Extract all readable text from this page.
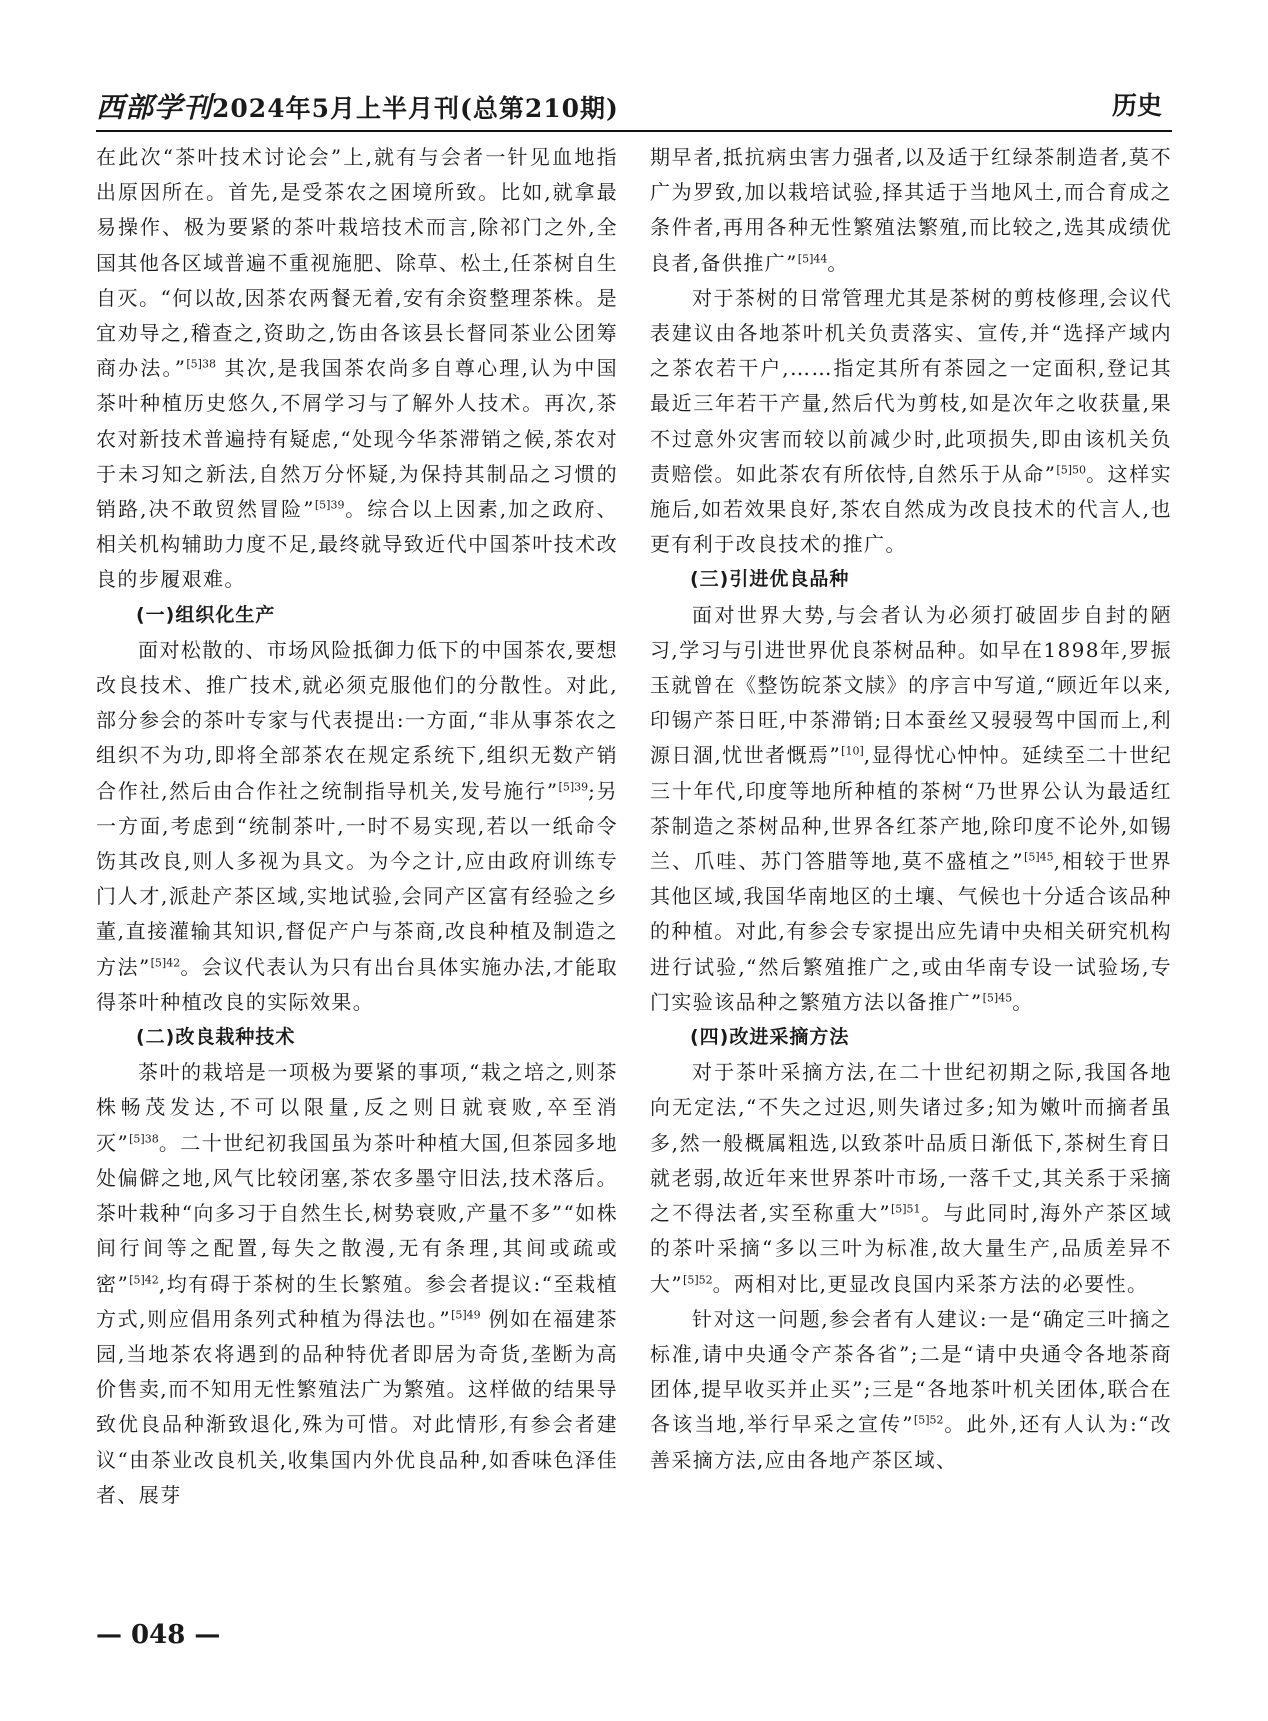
西部学刊2024年5月上半月刊(总第210期)	历史

在此次“茶叶技术讨论会”上,就有与会者一针见血地指出原因所在。首先,是受茶农之困境所致。比如,就拿最易操作、极为要紧的茶叶栽培技术而言,除祁门之外,全国其他各区域普遍不重视施肥、除草、松土,任茶树自生自灭。“何以故,因茶农两餐无着,安有余资整理茶株。是宜劝导之,稽查之,资助之,饬由各该县长督同茶业公团筹商办法。”$^{[5]38}$ 其次,是我国茶农尚多自尊心理,认为中国茶叶种植历史悠久,不屑学习与了解外人技术。再次,茶农对新技术普遍持有疑虑,“处现今华茶滞销之候,茶农对于未习知之新法,自然万分怀疑,为保持其制品之习惯的销路,决不敢贸然冒险”$^{[5]39}$。综合以上因素,加之政府、相关机构辅助力度不足,最终就导致近代中国茶叶技术改良的步履艰难。

(一)组织化生产

面对松散的、市场风险抵御力低下的中国茶农,要想改良技术、推广技术,就必须克服他们的分散性。对此,部分参会的茶叶专家与代表提出:一方面,“非从事茶农之组织不为功,即将全部茶农在规定系统下,组织无数产销合作社,然后由合作社之统制指导机关,发号施行”$^{[5]39}$;另一方面,考虑到“统制茶叶,一时不易实现,若以一纸命令饬其改良,则人多视为具文。为今之计,应由政府训练专门人才,派赴产茶区域,实地试验,会同产区富有经验之乡董,直接灌输其知识,督促产户与茶商,改良种植及制造之方法”$^{[5]42}$。会议代表认为只有出台具体实施办法,才能取得茶叶种植改良的实际效果。

(二)改良栽种技术

茶叶的栽培是一项极为要紧的事项,“栽之培之,则茶株畅茂发达,不可以限量,反之则日就衰败,卒至消灭”$^{[5]38}$。二十世纪初我国虽为茶叶种植大国,但茶园多地处偏僻之地,风气比较闭塞,茶农多墨守旧法,技术落后。茶叶栽种“向多习于自然生长,树势衰败,产量不多”“如株间行间等之配置,每失之散漫,无有条理,其间或疏或密”$^{[5]42}$,均有碍于茶树的生长繁殖。参会者提议:“至栽植方式,则应倡用条列式种植为得法也。”$^{[5]49}$ 例如在福建茶园,当地茶农将遇到的品种特优者即居为奇货,垄断为高价售卖,而不知用无性繁殖法广为繁殖。这样做的结果导致优良品种渐致退化,殊为可惜。对此情形,有参会者建议“由茶业改良机关,收集国内外优良品种,如香味色泽佳者、展芽

期早者,抵抗病虫害力强者,以及适于红绿茶制造者,莫不广为罗致,加以栽培试验,择其适于当地风土,而合育成之条件者,再用各种无性繁殖法繁殖,而比较之,选其成绩优良者,备供推广”$^{[5]44}$。

对于茶树的日常管理尤其是茶树的剪枝修理,会议代表建议由各地茶叶机关负责落实、宣传,并“选择产域内之茶农若干户,……指定其所有茶园之一定面积,登记其最近三年若干产量,然后代为剪枝,如是次年之收获量,果不过意外灾害而较以前减少时,此项损失,即由该机关负责赔偿。如此茶农有所依恃,自然乐于从命”$^{[5]50}$。这样实施后,如若效果良好,茶农自然成为改良技术的代言人,也更有利于改良技术的推广。

(三)引进优良品种

面对世界大势,与会者认为必须打破固步自封的陋习,学习与引进世界优良茶树品种。如早在1898年,罗振玉就曾在《整饬皖茶文牍》的序言中写道,“顾近年以来,印锡产茶日旺,中茶滞销;日本蚕丝又骎骎驾中国而上,利源日涸,忧世者慨焉”[10],显得忧心忡忡。延续至二十世纪三十年代,印度等地所种植的茶树“乃世界公认为最适红茶制造之茶树品种,世界各红茶产地,除印度不论外,如锡兰、爪哇、苏门答腊等地,莫不盛植之”$^{[5]45}$,相较于世界其他区域,我国华南地区的土壤、气候也十分适合该品种的种植。对此,有参会专家提出应先请中央相关研究机构进行试验,“然后繁殖推广之,或由华南专设一试验场,专门实验该品种之繁殖方法以备推广”$^{[5]45}$。

(四)改进采摘方法

对于茶叶采摘方法,在二十世纪初期之际,我国各地向无定法,“不失之过迟,则失诸过多;知为嫩叶而摘者虽多,然一般概属粗选,以致茶叶品质日渐低下,茶树生育日就老弱,故近年来世界茶叶市场,一落千丈,其关系于采摘之不得法者,实至称重大”$^{[5]51}$。与此同时,海外产茶区域的茶叶采摘“多以三叶为标准,故大量生产,品质差异不大”$^{[5]52}$。两相对比,更显改良国内采茶方法的必要性。

针对这一问题,参会者有人建议:一是“确定三叶摘之标准,请中央通令产茶各省”;二是“请中央通令各地茶商团体,提早收买并止买”;三是“各地茶叶机关团体,联合在各该当地,举行早采之宣传”$^{[5]52}$。此外,还有人认为:“改善采摘方法,应由各地产茶区域、

— 048 —
